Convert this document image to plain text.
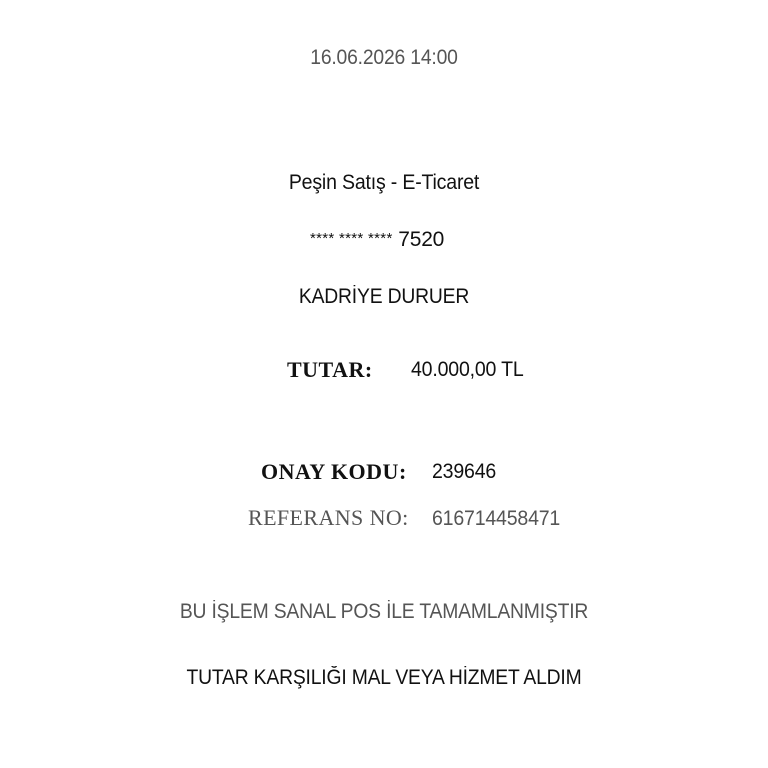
16.06.2026 14:00
Peşin Satış - E-Ticaret
**** **** **** 7520
KADRİYE DURUER
TUTAR: 40.000,00 TL
ONAY KODU: 239646
REFERANS NO: 616714458471
BU İŞLEM SANAL POS İLE TAMAMLANMIŞTIR
TUTAR KARŞILIĞI MAL VEYA HİZMET ALDIM
